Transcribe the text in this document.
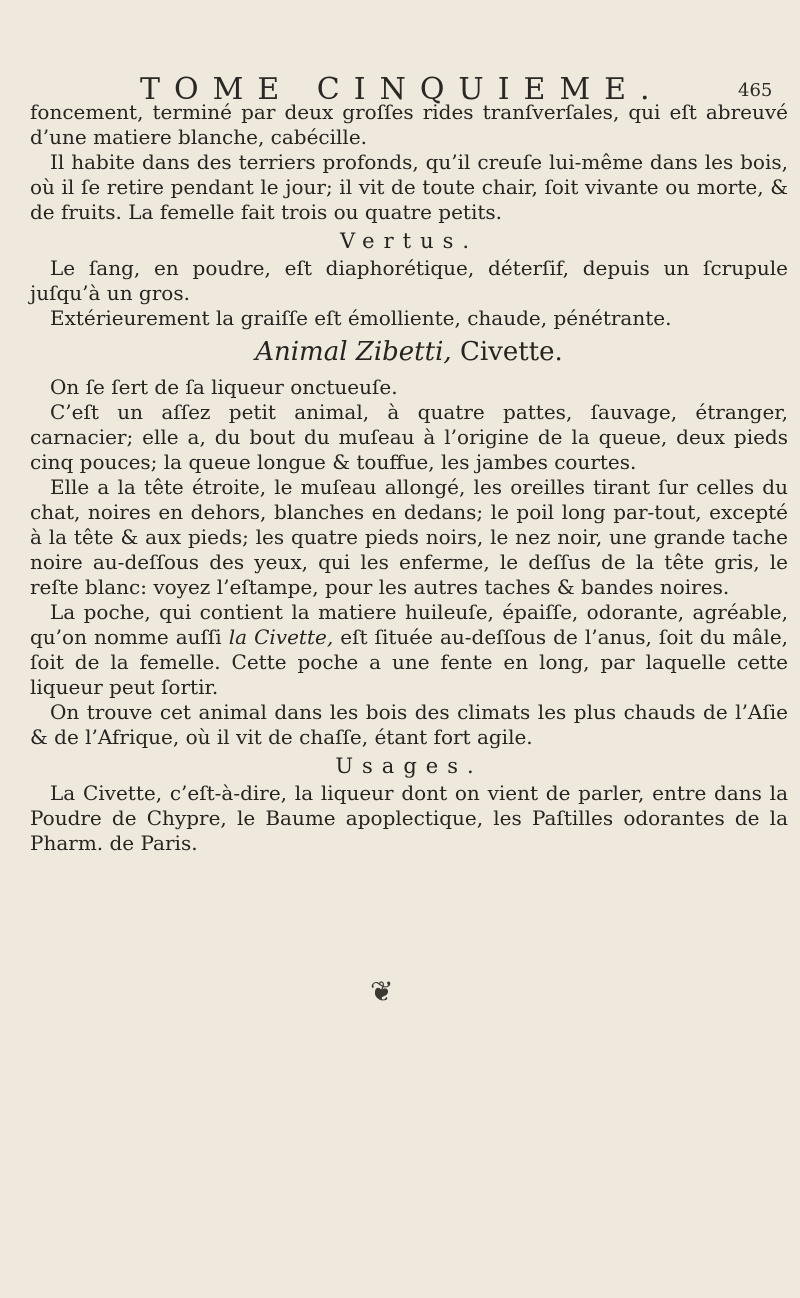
TOME CINQUIEME.	465

foncement, terminé par deux groſſes rides tranſverſales, qui eſt abreuvé d’une matiere blanche, cabécille.

Il habite dans des terriers profonds, qu’il creuſe lui-même dans les bois, où il ſe retire pendant le jour; il vit de toute chair, ſoit vivante ou morte, & de fruits. La femelle fait trois ou quatre petits.

Vertus.

Le ſang, en poudre, eſt diaphorétique, déterſif, depuis un ſcrupule juſqu’à un gros.

Extérieurement la graiſſe eſt émolliente, chaude, pénétrante.

Animal Zibetti, Civette.

On ſe ſert de ſa liqueur onctueuſe.

C’eſt un aſſez petit animal, à quatre pattes, ſauvage, étranger, carnacier; elle a, du bout du muſeau à l’origine de la queue, deux pieds cinq pouces; la queue longue & touffue, les jambes courtes.

Elle a la tête étroite, le muſeau allongé, les oreilles tirant ſur celles du chat, noires en dehors, blanches en dedans; le poil long par-tout, excepté à la tête & aux pieds; les quatre pieds noirs, le nez noir, une grande tache noire au-deſſous des yeux, qui les enferme, le deſſus de la tête gris, le reſte blanc: voyez l’eſtampe, pour les autres taches & bandes noires.

La poche, qui contient la matiere huileuſe, épaiſſe, odorante, agréable, qu’on nomme auſſi la Civette, eſt ſituée au-deſſous de l’anus, ſoit du mâle, ſoit de la femelle. Cette poche a une fente en long, par laquelle cette liqueur peut ſortir.

On trouve cet animal dans les bois des climats les plus chauds de l’Aſie & de l’Afrique, où il vit de chaſſe, étant fort agile.

Usages.

La Civette, c’eſt-à-dire, la liqueur dont on vient de parler, entre dans la Poudre de Chypre, le Baume apoplectique, les Paſtilles odorantes de la Pharm. de Paris.

❦
